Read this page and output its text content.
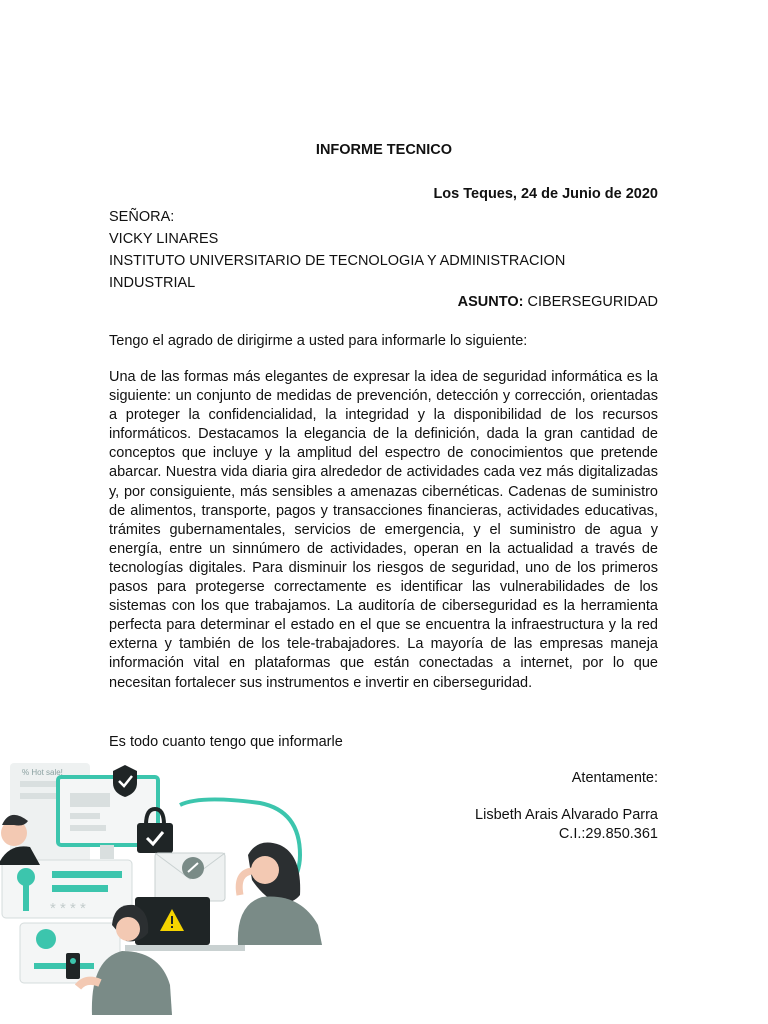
INFORME TECNICO
Los Teques, 24 de Junio de 2020
SEÑORA:
VICKY LINARES
INSTITUTO UNIVERSITARIO DE TECNOLOGIA Y ADMINISTRACION
INDUSTRIAL
ASUNTO: CIBERSEGURIDAD
Tengo el agrado de dirigirme a usted para informarle lo siguiente:
Una de las formas más elegantes de expresar la idea de seguridad informática es la siguiente: un conjunto de medidas de prevención, detección y corrección, orientadas a proteger la confidencialidad, la integridad y la disponibilidad de los recursos informáticos. Destacamos la elegancia de la definición, dada la gran cantidad de conceptos que incluye y la amplitud del espectro de conocimientos que pretende abarcar. Nuestra vida diaria gira alrededor de actividades cada vez más digitalizadas y, por consiguiente, más sensibles a amenazas cibernéticas. Cadenas de suministro de alimentos, transporte, pagos y transacciones financieras, actividades educativas, trámites gubernamentales, servicios de emergencia, y el suministro de agua y energía, entre un sinnúmero de actividades, operan en la actualidad a través de tecnologías digitales. Para disminuir los riesgos de seguridad, uno de los primeros pasos para protegerse correctamente es identificar las vulnerabilidades de los sistemas con los que trabajamos. La auditoría de ciberseguridad es la herramienta perfecta para determinar el estado en el que se encuentra la infraestructura y la red externa y también de los tele-trabajadores. La mayoría de las empresas maneja información vital en plataformas que están conectadas a internet, por lo que necesitan fortalecer sus instrumentos e invertir en ciberseguridad.
Es todo cuanto tengo que informarle
Atentamente:
Lisbeth Arais Alvarado Parra
C.I.:29.850.361
% Hot sale!
* * * *
